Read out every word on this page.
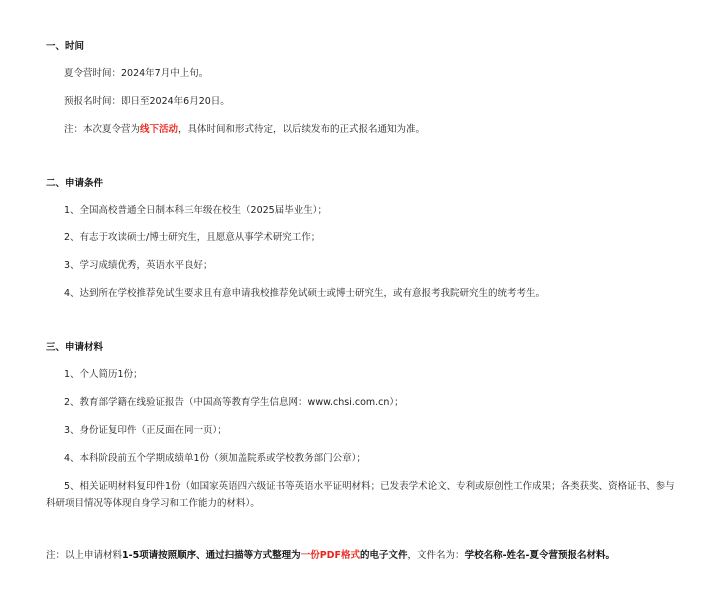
一、时间
夏令营时间：2024年7月中上旬。
预报名时间：即日至2024年6月20日。
注：本次夏令营为线下活动，具体时间和形式待定，以后续发布的正式报名通知为准。
二、申请条件
1、全国高校普通全日制本科三年级在校生（2025届毕业生）；
2、有志于攻读硕士/博士研究生，且愿意从事学术研究工作；
3、学习成绩优秀，英语水平良好；
4、达到所在学校推荐免试生要求且有意申请我校推荐免试硕士或博士研究生，或有意报考我院研究生的统考考生。
三、申请材料
1、个人简历1份；
2、教育部学籍在线验证报告（中国高等教育学生信息网：www.chsi.com.cn）；
3、身份证复印件（正反面在同一页）；
4、本科阶段前五个学期成绩单1份（须加盖院系或学校教务部门公章）；
5、相关证明材料复印件1份（如国家英语四六级证书等英语水平证明材料；已发表学术论文、专利或原创性工作成果；各类获奖、资格证书、参与科研项目情况等体现自身学习和工作能力的材料）。
注：以上申请材料1-5项请按照顺序、通过扫描等方式整理为一份PDF格式的电子文件，文件名为：学校名称-姓名-夏令营预报名材料。
